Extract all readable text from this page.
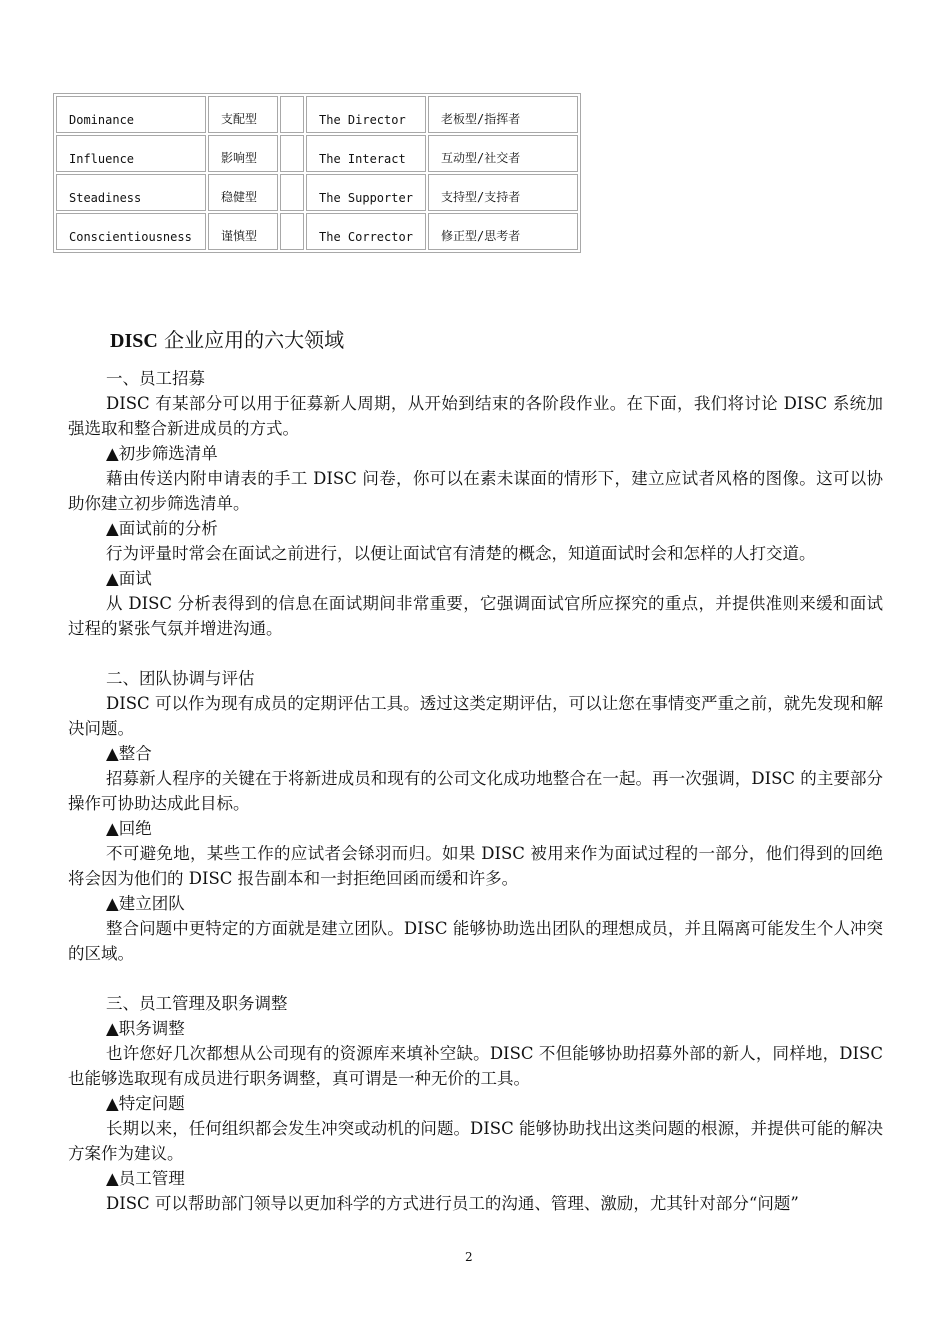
Dominance	支配型		The Director	老板型/指挥者
Influence	影响型		The Interact	互动型/社交者
Steadiness	稳健型		The Supporter	支持型/支持者
Conscientiousness	谨慎型		The Corrector	修正型/思考者
DISC 企业应用的六大领域

一、员工招募

DISC 有某部分可以用于征募新人周期，从开始到结束的各阶段作业。在下面，我们将讨论 DISC 系统加强选取和整合新进成员的方式。

▲初步筛选清单

藉由传送内附申请表的手工 DISC 问卷，你可以在素未谋面的情形下，建立应试者风格的图像。这可以协助你建立初步筛选清单。

▲面试前的分析

行为评量时常会在面试之前进行，以便让面试官有清楚的概念，知道面试时会和怎样的人打交道。

▲面试

从 DISC 分析表得到的信息在面试期间非常重要，它强调面试官所应探究的重点，并提供准则来缓和面试过程的紧张气氛并增进沟通。

二、团队协调与评估

DISC 可以作为现有成员的定期评估工具。透过这类定期评估，可以让您在事情变严重之前，就先发现和解决问题。

▲整合

招募新人程序的关键在于将新进成员和现有的公司文化成功地整合在一起。再一次强调，DISC 的主要部分操作可协助达成此目标。

▲回绝

不可避免地，某些工作的应试者会铩羽而归。如果 DISC 被用来作为面试过程的一部分，他们得到的回绝将会因为他们的 DISC 报告副本和一封拒绝回函而缓和许多。

▲建立团队

整合问题中更特定的方面就是建立团队。DISC 能够协助选出团队的理想成员，并且隔离可能发生个人冲突的区域。

三、员工管理及职务调整

▲职务调整

也许您好几次都想从公司现有的资源库来填补空缺。DISC 不但能够协助招募外部的新人，同样地，DISC 也能够选取现有成员进行职务调整，真可谓是一种无价的工具。

▲特定问题

长期以来，任何组织都会发生冲突或动机的问题。DISC 能够协助找出这类问题的根源，并提供可能的解决方案作为建议。

▲员工管理

DISC 可以帮助部门领导以更加科学的方式进行员工的沟通、管理、激励，尤其针对部分“问题”

2
